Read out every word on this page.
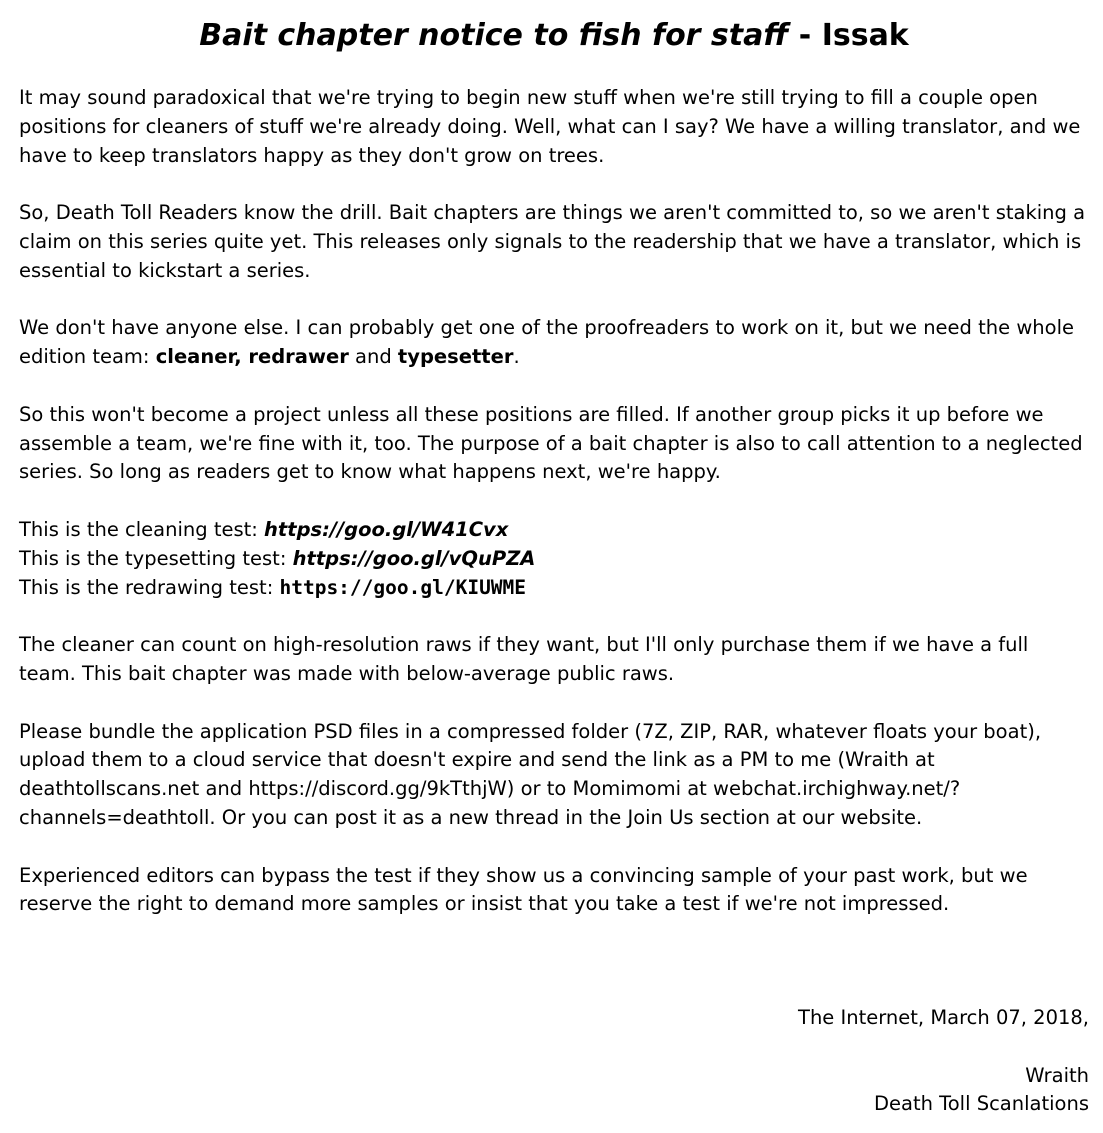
Bait chapter notice to fish for staff - Issak

It may sound paradoxical that we're trying to begin new stuff when we're still trying to fill a couple open positions for cleaners of stuff we're already doing. Well, what can I say? We have a willing translator, and we have to keep translators happy as they don't grow on trees.

So, Death Toll Readers know the drill. Bait chapters are things we aren't committed to, so we aren't staking a claim on this series quite yet. This releases only signals to the readership that we have a translator, which is essential to kickstart a series.

We don't have anyone else. I can probably get one of the proofreaders to work on it, but we need the whole edition team: cleaner, redrawer and typesetter.

So this won't become a project unless all these positions are filled. If another group picks it up before we assemble a team, we're fine with it, too. The purpose of a bait chapter is also to call attention to a neglected series. So long as readers get to know what happens next, we're happy.

This is the cleaning test: https://goo.gl/W41Cvx
This is the typesetting test: https://goo.gl/vQuPZA
This is the redrawing test: https://goo.gl/KIUWME

The cleaner can count on high-resolution raws if they want, but I'll only purchase them if we have a full team. This bait chapter was made with below-average public raws.

Please bundle the application PSD files in a compressed folder (7Z, ZIP, RAR, whatever floats your boat), upload them to a cloud service that doesn't expire and send the link as a PM to me (Wraith at deathtollscans.net and https://discord.gg/9kTthjW) or to Momimomi at webchat.irchighway.net/?channels=deathtoll. Or you can post it as a new thread in the Join Us section at our website.

Experienced editors can bypass the test if they show us a convincing sample of your past work, but we reserve the right to demand more samples or insist that you take a test if we're not impressed.

The Internet, March 07, 2018,
Wraith
Death Toll Scanlations
